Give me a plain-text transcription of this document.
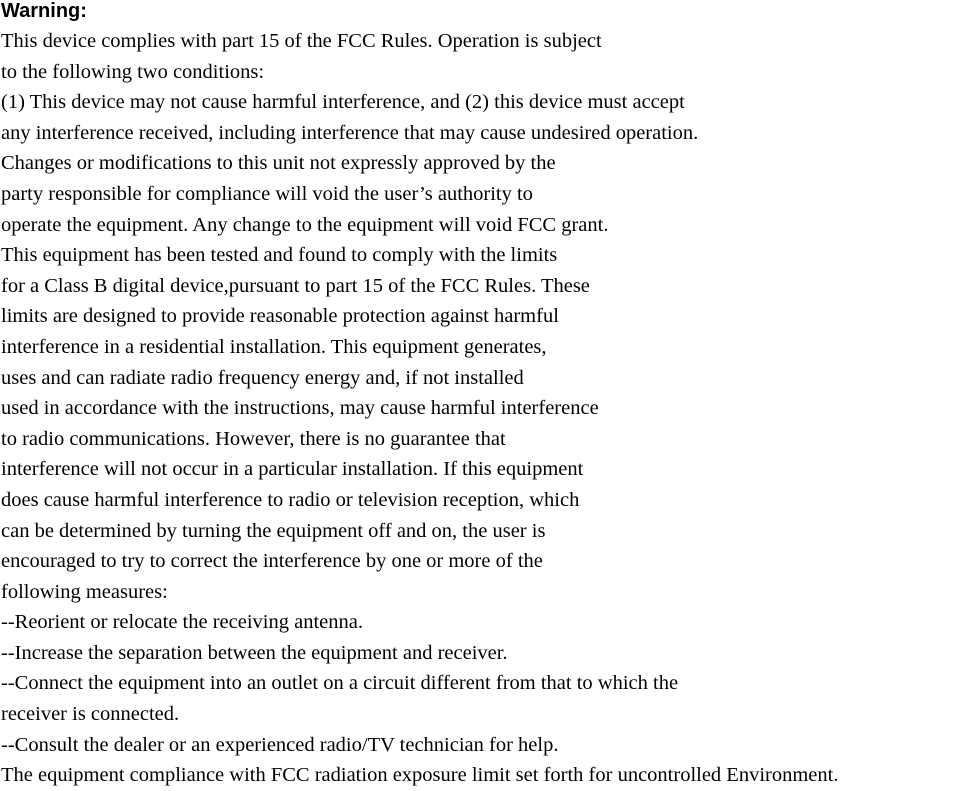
Warning:
This device complies with part 15 of the FCC Rules. Operation is subject
to the following two conditions:
(1) This device may not cause harmful interference, and (2) this device must accept
any interference received, including interference that may cause undesired operation.
Changes or modifications to this unit not expressly approved by the
party responsible for compliance will void the user’s authority to
operate the equipment. Any change to the equipment will void FCC grant.
This equipment has been tested and found to comply with the limits
for a Class B digital device,pursuant to part 15 of the FCC Rules. These
limits are designed to provide reasonable protection against harmful
interference in a residential installation. This equipment generates,
uses and can radiate radio frequency energy and, if not installed
used in accordance with the instructions, may cause harmful interference
to radio communications. However, there is no guarantee that
interference will not occur in a particular installation. If this equipment
does cause harmful interference to radio or television reception, which
can be determined by turning the equipment off and on, the user is
encouraged to try to correct the interference by one or more of the
following measures:
--Reorient or relocate the receiving antenna.
--Increase the separation between the equipment and receiver.
--Connect the equipment into an outlet on a circuit different from that to which the
receiver is connected.
--Consult the dealer or an experienced radio/TV technician for help.
The equipment compliance with FCC radiation exposure limit set forth for uncontrolled Environment.
